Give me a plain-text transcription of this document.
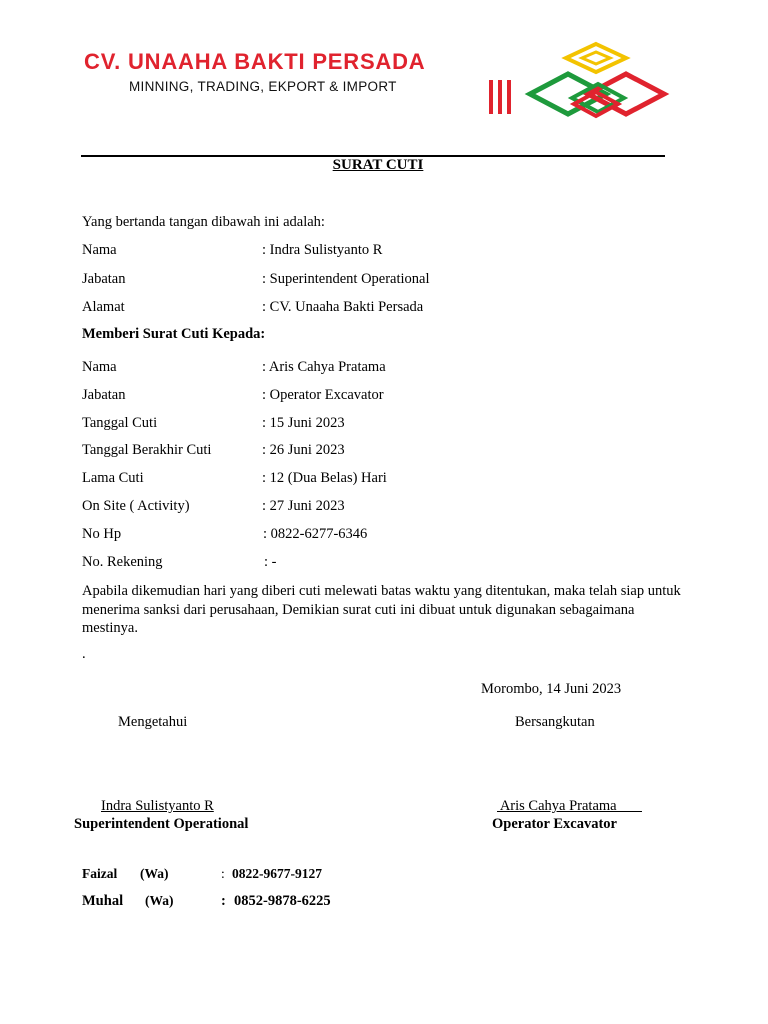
CV. UNAAHA BAKTI PERSADA
MINNING, TRADING, EKPORT & IMPORT
SURAT CUTI
Yang bertanda tangan dibawah ini adalah:
Nama	: Indra Sulistyanto R
Jabatan	: Superintendent Operational
Alamat	: CV. Unaaha Bakti Persada
Memberi Surat Cuti Kepada:
Nama	: Aris Cahya Pratama
Jabatan	: Operator Excavator
Tanggal Cuti	: 15 Juni 2023
Tanggal Berakhir Cuti	: 26 Juni 2023
Lama Cuti	: 12 (Dua Belas) Hari
On Site ( Activity)	: 27 Juni 2023
No Hp	: 0822-6277-6346
No. Rekening	: -
Apabila dikemudian hari yang diberi cuti melewati batas waktu yang ditentukan, maka telah siap untuk menerima sanksi dari perusahaan, Demikian surat cuti ini dibuat untuk digunakan sebagaimana mestinya.
.
Morombo, 14 Juni 2023
Mengetahui	Bersangkutan
Indra Sulistyanto R	Aris Cahya Pratama
Superintendent Operational	Operator Excavator
Faizal (Wa)	: 0822-9677-9127
Muhal (Wa)	: 0852-9878-6225
